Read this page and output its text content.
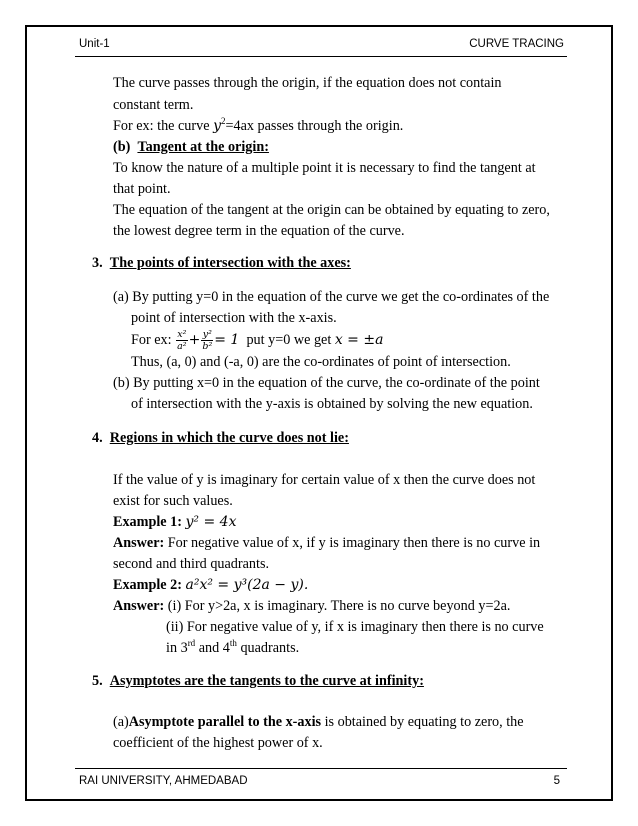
Unit-1	CURVE TRACING
The curve passes through the origin, if the equation does not contain
constant term.
For ex: the curve $y^2=4ax$ passes through the origin.
(b) Tangent at the origin:
To know the nature of a multiple point it is necessary to find the tangent at
that point.
The equation of the tangent at the origin can be obtained by equating to zero,
the lowest degree term in the equation of the curve.
3. The points of intersection with the axes:
(a) By putting y=0 in the equation of the curve we get the co-ordinates of the
point of intersection with the x-axis.
For ex: $\frac{\text{x²}}{\text{a²}} + \frac{\text{y²}}{\text{b²}} = 1$  put y=0 we get x = ±a
Thus, (a, 0) and (-a, 0) are the co-ordinates of point of intersection.
(b) By putting x=0 in the equation of the curve, the co-ordinate of the point
of intersection with the y-axis is obtained by solving the new equation.
4. Regions in which the curve does not lie:
If the value of y is imaginary for certain value of x then the curve does not
exist for such values.
Example 1: y² = 4x
Answer: For negative value of x, if y is imaginary then there is no curve in
second and third quadrants.
Example 2: a²x² = y³(2a − y).
Answer: (i) For y>2a, x is imaginary. There is no curve beyond y=2a.
(ii) For negative value of y, if x is imaginary then there is no curve
in 3rd and 4th quadrants.
5. Asymptotes are the tangents to the curve at infinity:
(a)Asymptote parallel to the x-axis is obtained by equating to zero, the
coefficient of the highest power of x.
RAI UNIVERSITY, AHMEDABAD	5
